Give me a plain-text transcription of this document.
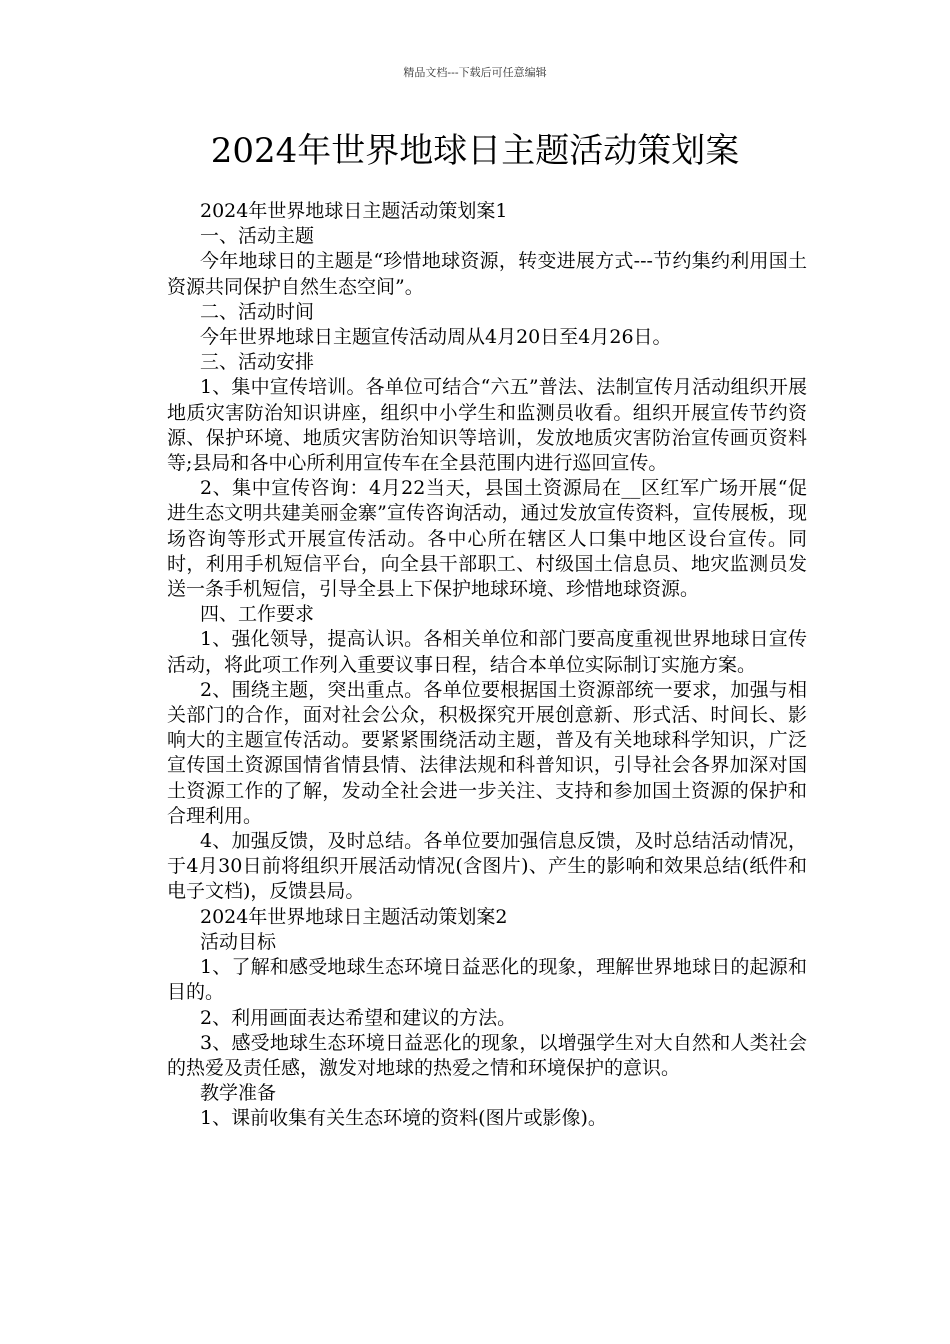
精品文档---下载后可任意编辑
2024年世界地球日主题活动策划案

2024年世界地球日主题活动策划案1

一、活动主题

今年地球日的主题是“珍惜地球资源，转变进展方式---节约集约利用国土资源共同保护自然生态空间”。

二、活动时间

今年世界地球日主题宣传活动周从4月20日至4月26日。

三、活动安排

1、集中宣传培训。各单位可结合“六五”普法、法制宣传月活动组织开展地质灾害防治知识讲座，组织中小学生和监测员收看。组织开展宣传节约资源、保护环境、地质灾害防治知识等培训，发放地质灾害防治宣传画页资料等;县局和各中心所利用宣传车在全县范围内进行巡回宣传。

2、集中宣传咨询：4月22当天，县国土资源局在__区红军广场开展“促进生态文明共建美丽金寨”宣传咨询活动，通过发放宣传资料，宣传展板，现场咨询等形式开展宣传活动。各中心所在辖区人口集中地区设台宣传。同时，利用手机短信平台，向全县干部职工、村级国土信息员、地灾监测员发送一条手机短信，引导全县上下保护地球环境、珍惜地球资源。

四、工作要求

1、强化领导，提高认识。各相关单位和部门要高度重视世界地球日宣传活动，将此项工作列入重要议事日程，结合本单位实际制订实施方案。

2、围绕主题，突出重点。各单位要根据国土资源部统一要求，加强与相关部门的合作，面对社会公众，积极探究开展创意新、形式活、时间长、影响大的主题宣传活动。要紧紧围绕活动主题，普及有关地球科学知识，广泛宣传国土资源国情省情县情、法律法规和科普知识，引导社会各界加深对国土资源工作的了解，发动全社会进一步关注、支持和参加国土资源的保护和合理利用。

4、加强反馈，及时总结。各单位要加强信息反馈，及时总结活动情况，于4月30日前将组织开展活动情况(含图片)、产生的影响和效果总结(纸件和电子文档)，反馈县局。

2024年世界地球日主题活动策划案2

活动目标

1、了解和感受地球生态环境日益恶化的现象，理解世界地球日的起源和目的。

2、利用画面表达希望和建议的方法。

3、感受地球生态环境日益恶化的现象，以增强学生对大自然和人类社会的热爱及责任感，激发对地球的热爱之情和环境保护的意识。

教学准备

1、课前收集有关生态环境的资料(图片或影像)。
